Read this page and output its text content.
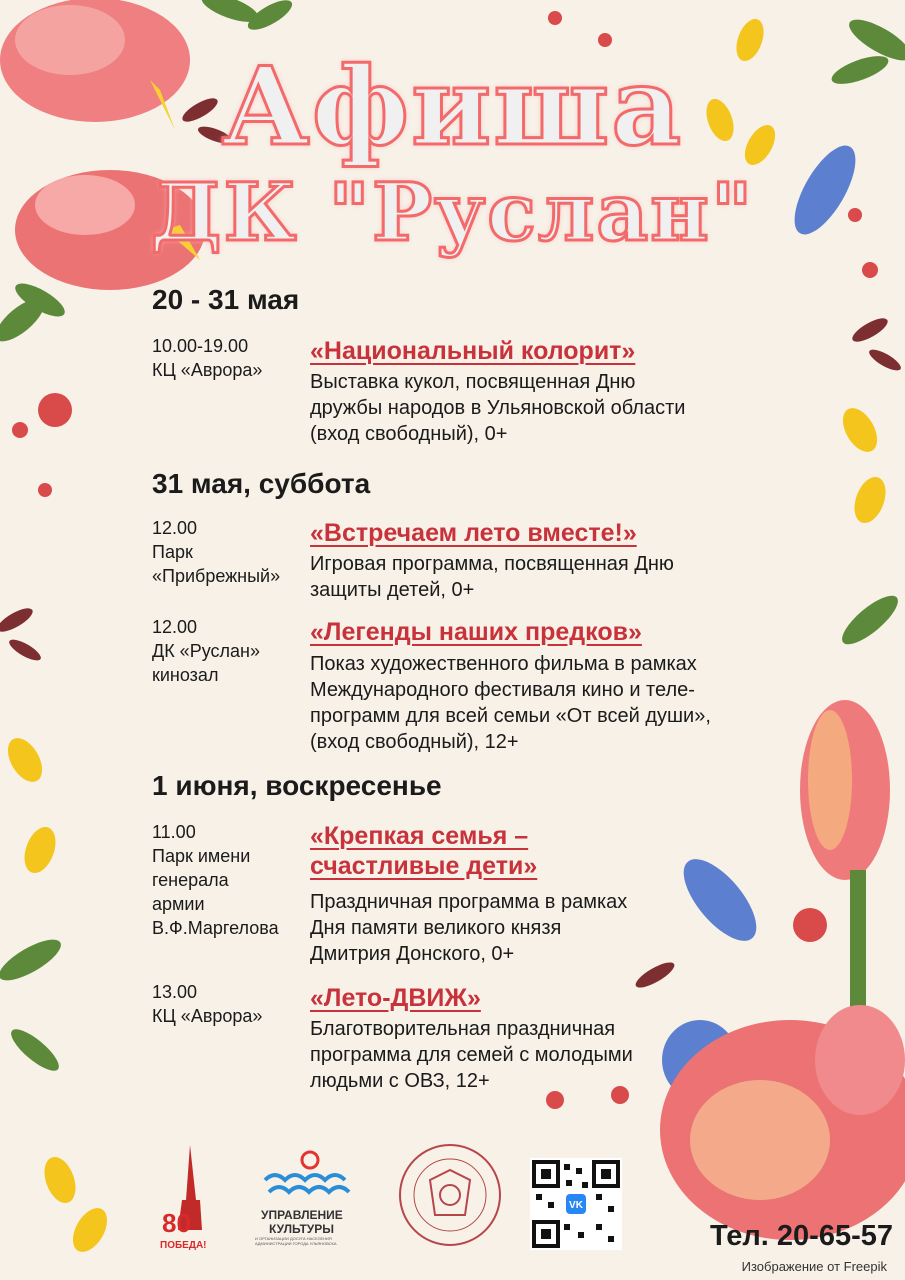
Афиша
ДК "Руслан"
20 - 31 мая
10.00-19.00
КЦ «Аврора»
«Национальный колорит»
Выставка кукол, посвященная Дню
дружбы народов в Ульяновской области
(вход свободный), 0+
31 мая, суббота
12.00
Парк
«Прибрежный»
«Встречаем лето вместе!»
Игровая программа, посвященная Дню
защиты детей, 0+
12.00
ДК «Руслан»
кинозал
«Легенды наших предков»
Показ художественного фильма в рамках
Международного фестиваля кино и теле-
программ для всей семьи «От всей души»,
(вход свободный), 12+
1 июня, воскресенье
11.00
Парк имени
генерала
армии
В.Ф.Маргелова
«Крепкая семья –
счастливые дети»
Праздничная программа в рамках
Дня памяти великого князя
Дмитрия Донского, 0+
13.00
КЦ «Аврора»
«Лето-ДВИЖ»
Благотворительная праздничная
программа для семей с молодыми
людьми с ОВЗ, 12+
80
ПОБЕДА!
УПРАВЛЕНИЕ
КУЛЬТУРЫ
И ОРГАНИЗАЦИИ ДОСУГА НАСЕЛЕНИЯ АДМИНИСТРАЦИИ ГОРОДА УЛЬЯНОВСКА
VK
Тел. 20-65-57
Изображение от Freepik
